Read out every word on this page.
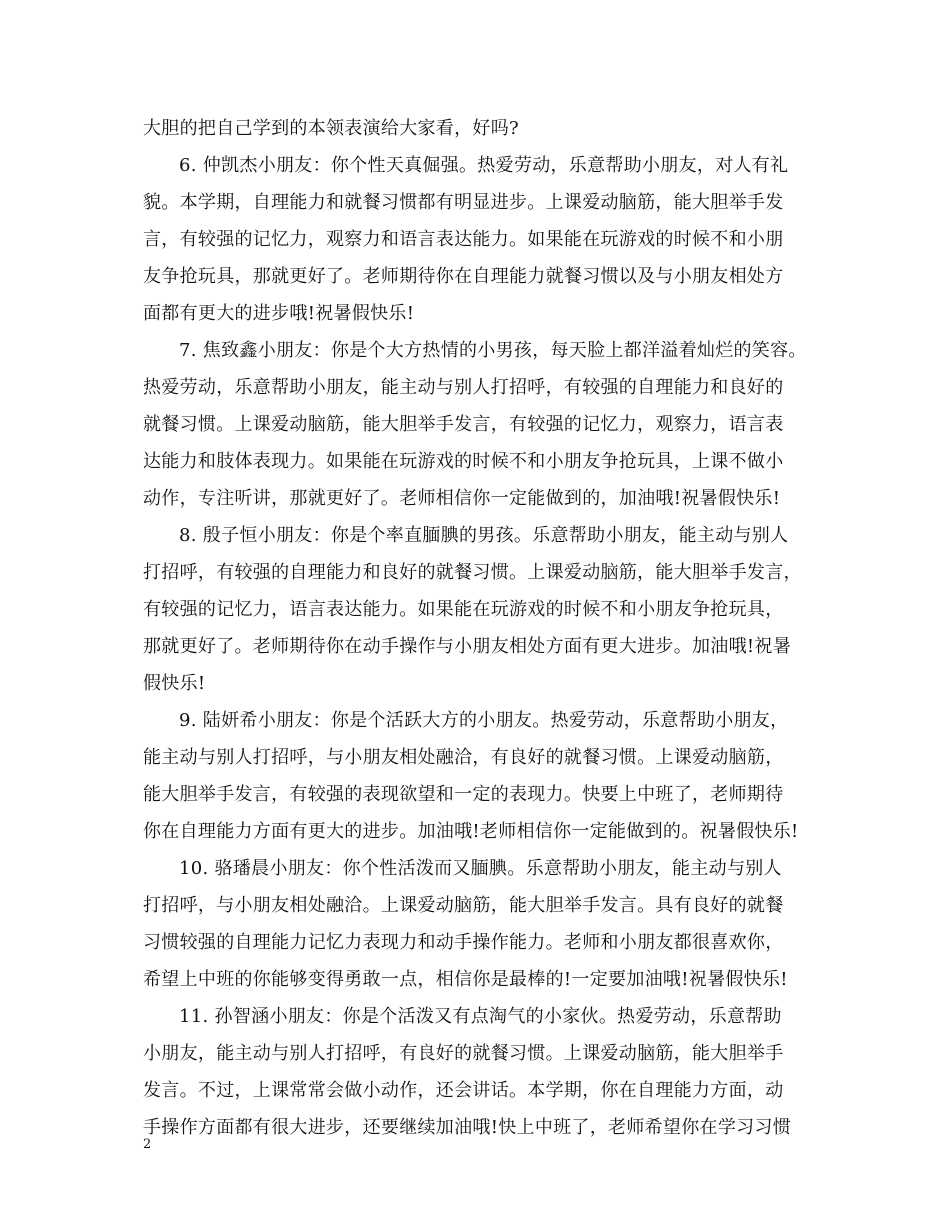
大胆的把自己学到的本领表演给大家看，好吗?
6. 仲凯杰小朋友：你个性天真倔强。热爱劳动，乐意帮助小朋友，对人有礼
貌。本学期，自理能力和就餐习惯都有明显进步。上课爱动脑筋，能大胆举手发
言，有较强的记忆力，观察力和语言表达能力。如果能在玩游戏的时候不和小朋
友争抢玩具，那就更好了。老师期待你在自理能力就餐习惯以及与小朋友相处方
面都有更大的进步哦!祝暑假快乐!
7. 焦致鑫小朋友：你是个大方热情的小男孩，每天脸上都洋溢着灿烂的笑容。
热爱劳动，乐意帮助小朋友，能主动与别人打招呼，有较强的自理能力和良好的
就餐习惯。上课爱动脑筋，能大胆举手发言，有较强的记忆力，观察力，语言表
达能力和肢体表现力。如果能在玩游戏的时候不和小朋友争抢玩具，上课不做小
动作，专注听讲，那就更好了。老师相信你一定能做到的，加油哦!祝暑假快乐!
8. 殷子恒小朋友：你是个率直腼腆的男孩。乐意帮助小朋友，能主动与别人
打招呼，有较强的自理能力和良好的就餐习惯。上课爱动脑筋，能大胆举手发言，
有较强的记忆力，语言表达能力。如果能在玩游戏的时候不和小朋友争抢玩具，
那就更好了。老师期待你在动手操作与小朋友相处方面有更大进步。加油哦!祝暑
假快乐!
9. 陆妍希小朋友：你是个活跃大方的小朋友。热爱劳动，乐意帮助小朋友，
能主动与别人打招呼，与小朋友相处融洽，有良好的就餐习惯。上课爱动脑筋，
能大胆举手发言，有较强的表现欲望和一定的表现力。快要上中班了，老师期待
你在自理能力方面有更大的进步。加油哦!老师相信你一定能做到的。祝暑假快乐!
10. 骆璠晨小朋友：你个性活泼而又腼腆。乐意帮助小朋友，能主动与别人
打招呼，与小朋友相处融洽。上课爱动脑筋，能大胆举手发言。具有良好的就餐
习惯较强的自理能力记忆力表现力和动手操作能力。老师和小朋友都很喜欢你，
希望上中班的你能够变得勇敢一点，相信你是最棒的!一定要加油哦!祝暑假快乐!
11. 孙智涵小朋友：你是个活泼又有点淘气的小家伙。热爱劳动，乐意帮助
小朋友，能主动与别人打招呼，有良好的就餐习惯。上课爱动脑筋，能大胆举手
发言。不过，上课常常会做小动作，还会讲话。本学期，你在自理能力方面，动
手操作方面都有很大进步，还要继续加油哦!快上中班了，老师希望你在学习习惯
2
